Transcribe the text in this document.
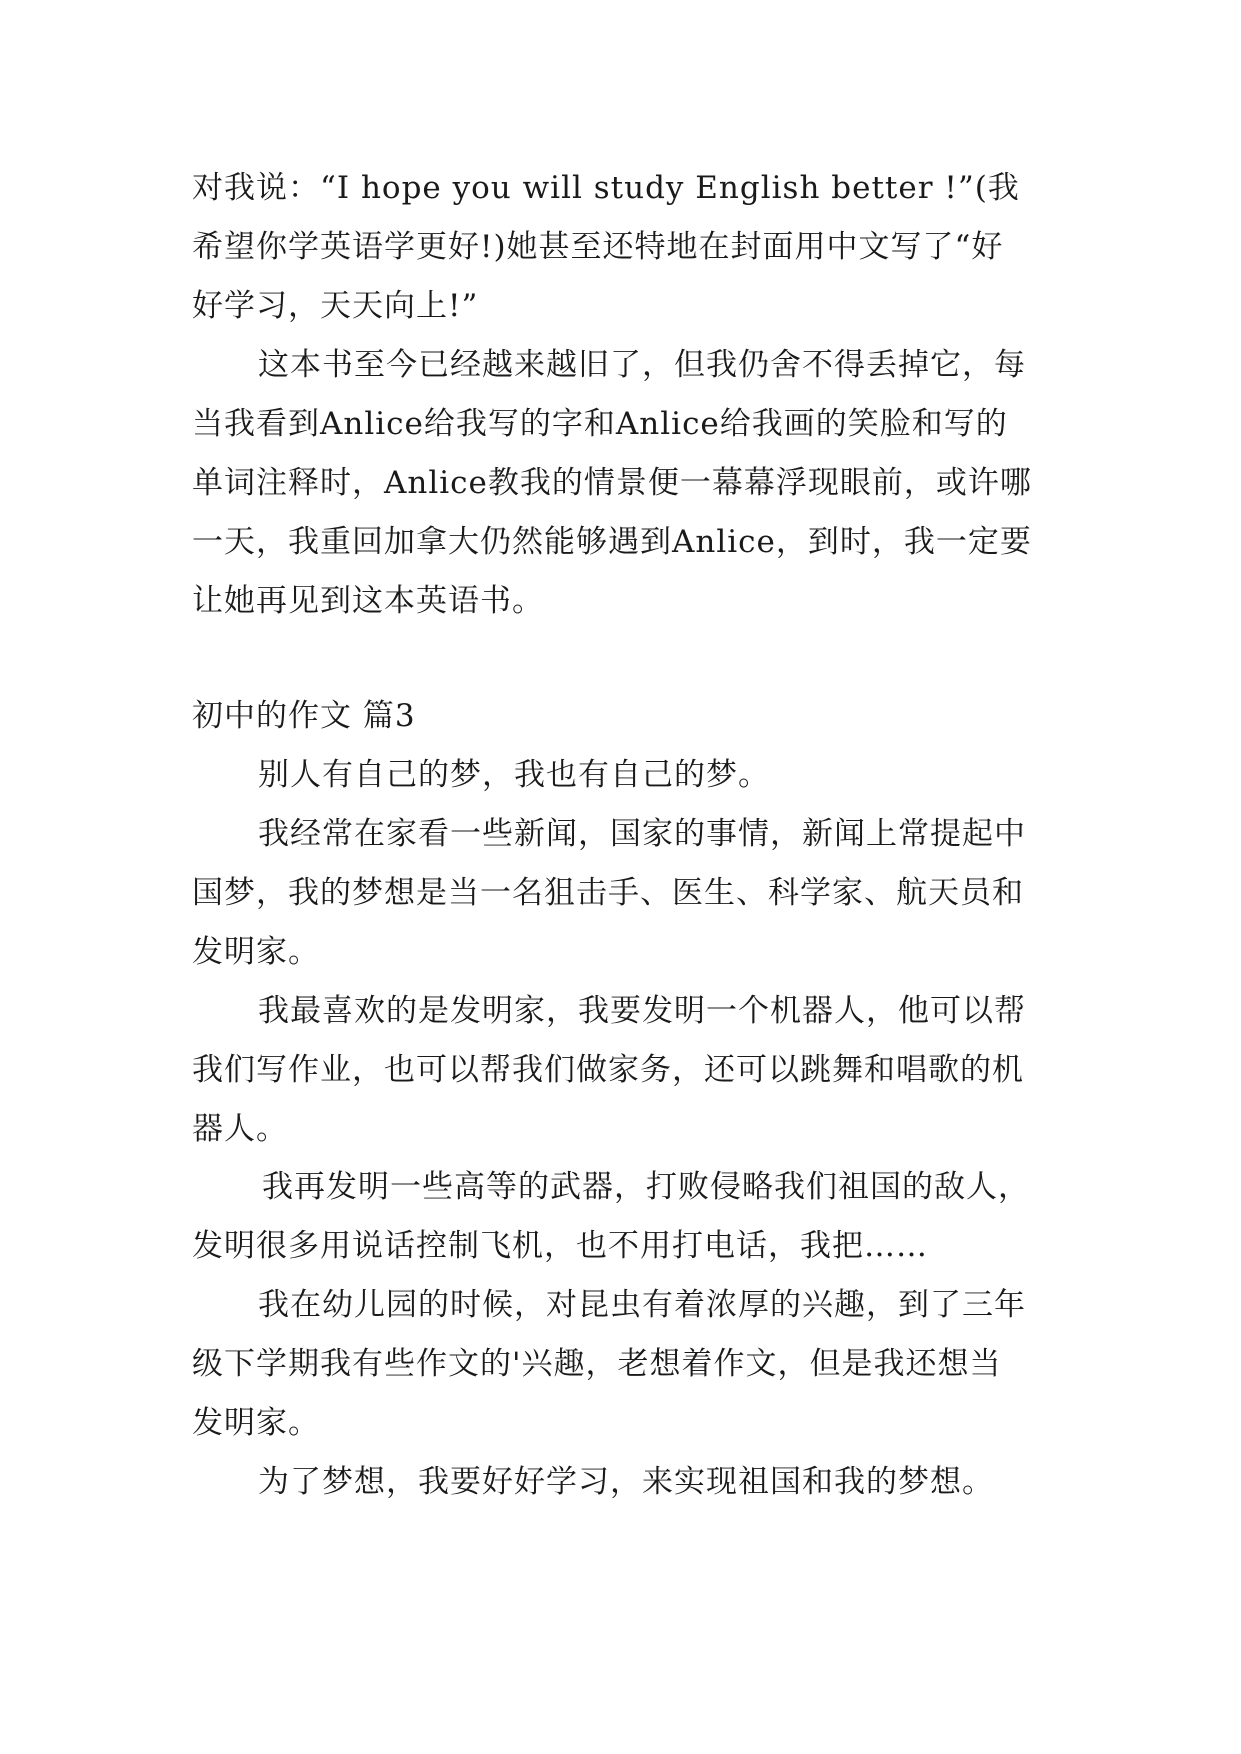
对我说：“I hope you will study English better !”(我
希望你学英语学更好!)她甚至还特地在封面用中文写了“好
好学习，天天向上!”
这本书至今已经越来越旧了，但我仍舍不得丢掉它，每
当我看到Anlice给我写的字和Anlice给我画的笑脸和写的
单词注释时，Anlice教我的情景便一幕幕浮现眼前，或许哪
一天，我重回加拿大仍然能够遇到Anlice，到时，我一定要
让她再见到这本英语书。
初中的作文 篇3
别人有自己的梦，我也有自己的梦。
我经常在家看一些新闻，国家的事情，新闻上常提起中
国梦，我的梦想是当一名狙击手、医生、科学家、航天员和
发明家。
我最喜欢的是发明家，我要发明一个机器人，他可以帮
我们写作业，也可以帮我们做家务，还可以跳舞和唱歌的机
器人。
我再发明一些高等的武器，打败侵略我们祖国的敌人，
发明很多用说话控制飞机，也不用打电话，我把……
我在幼儿园的时候，对昆虫有着浓厚的兴趣，到了三年
级下学期我有些作文的'兴趣，老想着作文，但是我还想当
发明家。
为了梦想，我要好好学习，来实现祖国和我的梦想。
